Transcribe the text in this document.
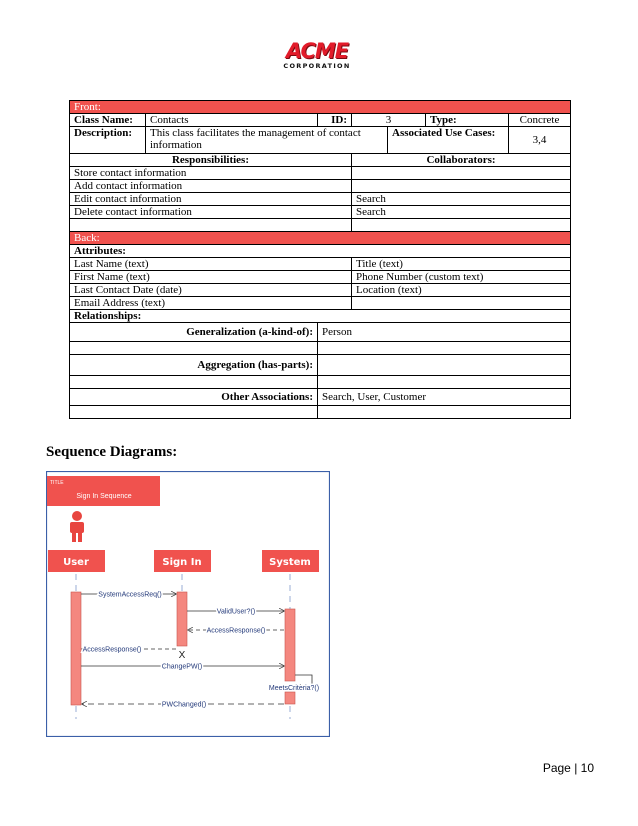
ACME
CORPORATION
Front:						
Class Name:	Contacts	ID:	3		Type:	Concrete
Description:	This class facilitates the management of contact information			Associated Use Cases:		3,4
Responsibilities:			Collaborators:			
Store contact information						
Add contact information						
Edit contact information			Search			
Delete contact information			Search			

Back:						
Attributes:						
Last Name (text)			Title (text)			
First Name (text)			Phone Number (custom text)			
Last Contact Date (date)			Location (text)			
Email Address (text)						
Relationships:						
Generalization (a-kind-of):		Person				

Aggregation (has-parts):						

Other Associations:		Search, User, Customer				

Sequence Diagrams:
TITLE
Sign In Sequence
User	Sign In	System
SystemAccessReq()
ValidUser?()
AccessResponse()
AccessResponse()	X
ChangePW()
MeetsCriteria?()
PWChanged()
Page | 10
